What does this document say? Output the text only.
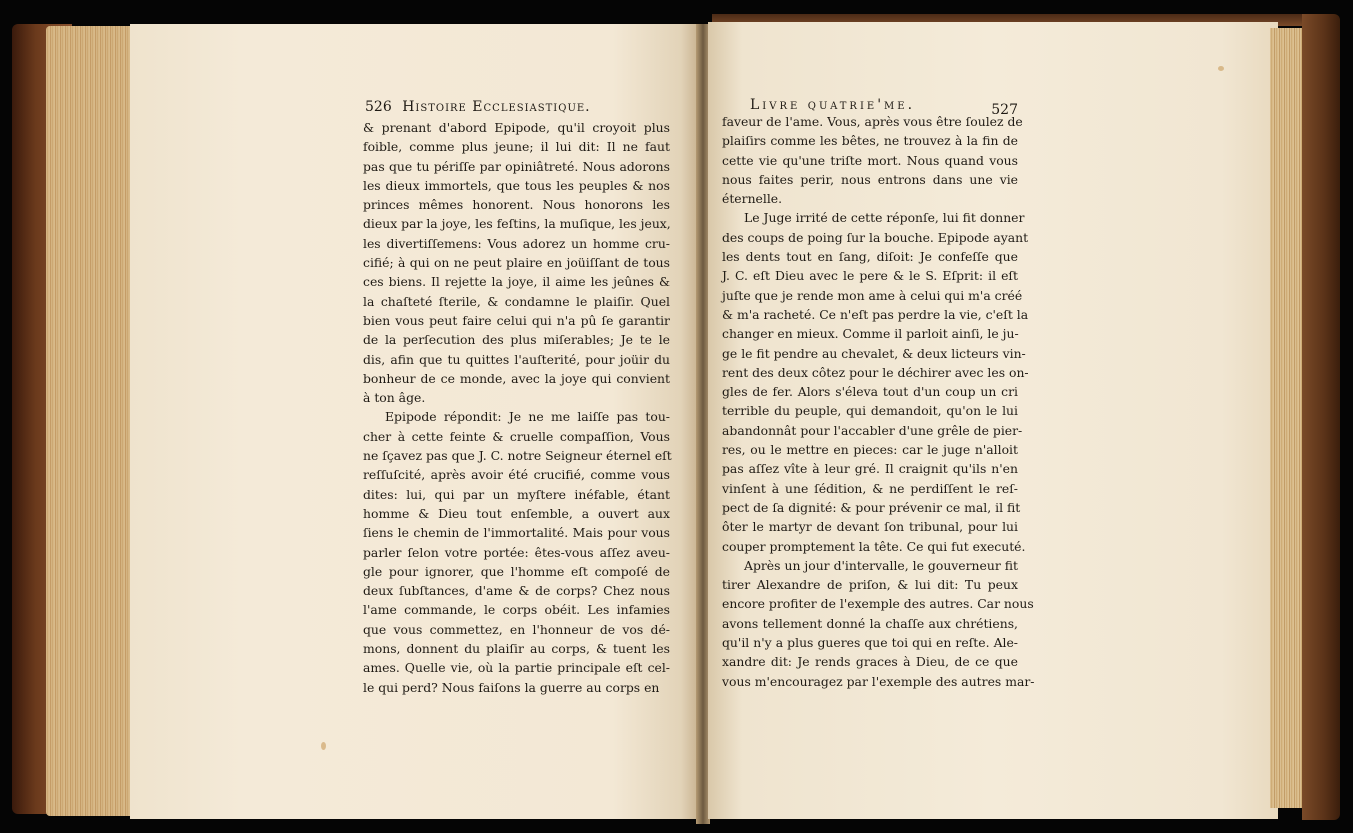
526 Histoire Ecclesiastique.	Livre quatrie'me.	527
& prenant d'abord Epipode, qu'il croyoit plus
foible, comme plus jeune; il lui dit: Il ne faut
pas que tu périſſe par opiniâtreté. Nous adorons
les dieux immortels, que tous les peuples & nos
princes mêmes honorent. Nous honorons les
dieux par la joye, les feſtins, la muſique, les jeux,
les divertiſſemens: Vous adorez un homme cru-
cifié; à qui on ne peut plaire en joüiſſant de tous
ces biens. Il rejette la joye, il aime les jeûnes &
la chaſteté ſterile, & condamne le plaiſir. Quel
bien vous peut faire celui qui n'a pû ſe garantir
de la perſecution des plus miſerables; Je te le
dis, afin que tu quittes l'auſterité, pour joüir du
bonheur de ce monde, avec la joye qui convient
à ton âge.
Epipode répondit: Je ne me laiſſe pas tou-
cher à cette feinte & cruelle compaſſion, Vous
ne ſçavez pas que J. C. notre Seigneur éternel eſt
reſſuſcité, après avoir été crucifié, comme vous
dites: lui, qui par un myſtere inéfable, étant
homme & Dieu tout enſemble, a ouvert aux
ſiens le chemin de l'immortalité. Mais pour vous
parler ſelon votre portée: êtes-vous aſſez aveu-
gle pour ignorer, que l'homme eſt compoſé de
deux ſubſtances, d'ame & de corps? Chez nous
l'ame commande, le corps obéit. Les infamies
que vous commettez, en l'honneur de vos dé-
mons, donnent du plaiſir au corps, & tuent les
ames. Quelle vie, où la partie principale eſt cel-
le qui perd? Nous faiſons la guerre au corps en
faveur de l'ame. Vous, après vous être ſoulez de
plaiſirs comme les bêtes, ne trouvez à la fin de
cette vie qu'une triſte mort. Nous quand vous
nous faites perir, nous entrons dans une vie
éternelle.
Le Juge irrité de cette réponſe, lui fit donner
des coups de poing ſur la bouche. Epipode ayant
les dents tout en ſang, diſoit: Je confeſſe que
J. C. eſt Dieu avec le pere & le S. Eſprit: il eſt
juſte que je rende mon ame à celui qui m'a créé
& m'a racheté. Ce n'eſt pas perdre la vie, c'eſt la
changer en mieux. Comme il parloit ainſi, le ju-
ge le fit pendre au chevalet, & deux licteurs vin-
rent des deux côtez pour le déchirer avec les on-
gles de fer. Alors s'éleva tout d'un coup un cri
terrible du peuple, qui demandoit, qu'on le lui
abandonnât pour l'accabler d'une grêle de pier-
res, ou le mettre en pieces: car le juge n'alloit
pas aſſez vîte à leur gré. Il craignit qu'ils n'en
vinſent à une ſédition, & ne perdiſſent le reſ-
pect de ſa dignité: & pour prévenir ce mal, il fit
ôter le martyr de devant ſon tribunal, pour lui
couper promptement la tête. Ce qui fut executé.
Après un jour d'intervalle, le gouverneur fit
tirer Alexandre de priſon, & lui dit: Tu peux
encore profiter de l'exemple des autres. Car nous
avons tellement donné la chaſſe aux chrétiens,
qu'il n'y a plus gueres que toi qui en reſte. Ale-
xandre dit: Je rends graces à Dieu, de ce que
vous m'encouragez par l'exemple des autres mar-
